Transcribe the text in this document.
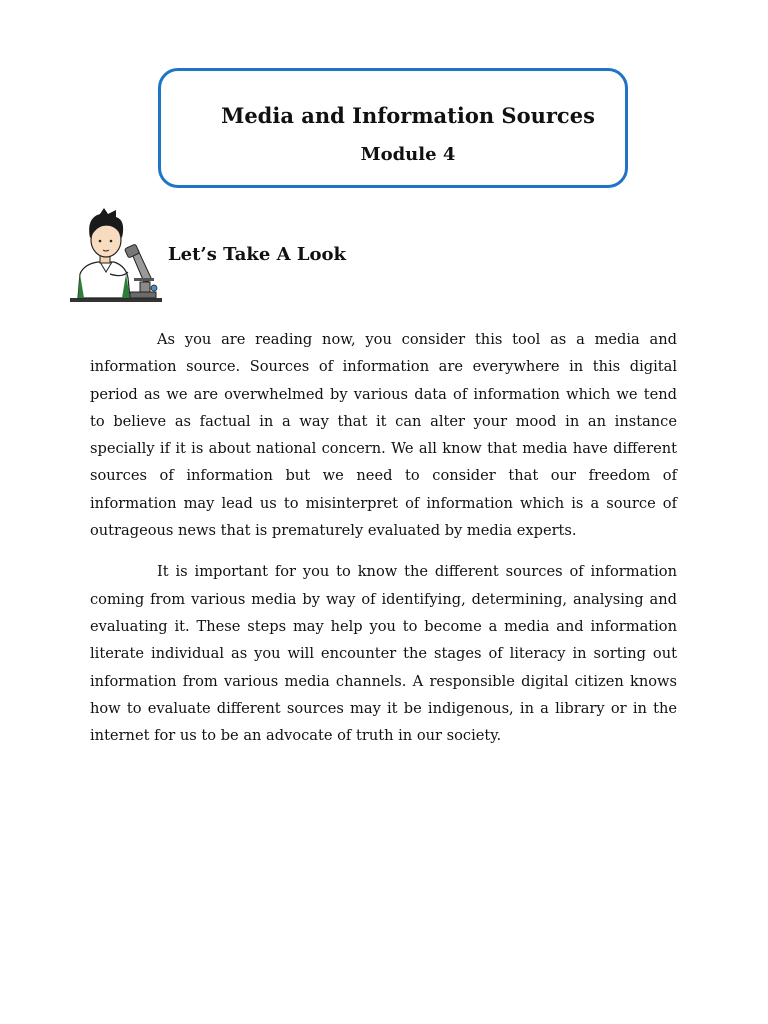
Media and Information Sources
Module 4
Let’s Take A Look

As you are reading now, you consider this tool as a media and information source. Sources of information are everywhere in this digital period as we are overwhelmed by various data of information which we tend to believe as factual in a way that it can alter your mood in an instance specially if it is about national concern. We all know that media have different sources of information but we need to consider that our freedom of information may lead us to misinterpret of information which is a source of outrageous news that is prematurely evaluated by media experts.

It is important for you to know the different sources of information coming from various media by way of identifying, determining, analysing and evaluating it. These steps may help you to become a media and information literate individual as you will encounter the stages of literacy in sorting out information from various media channels. A responsible digital citizen knows how to evaluate different sources may it be indigenous, in a library or in the internet for us to be an advocate of truth in our society.
